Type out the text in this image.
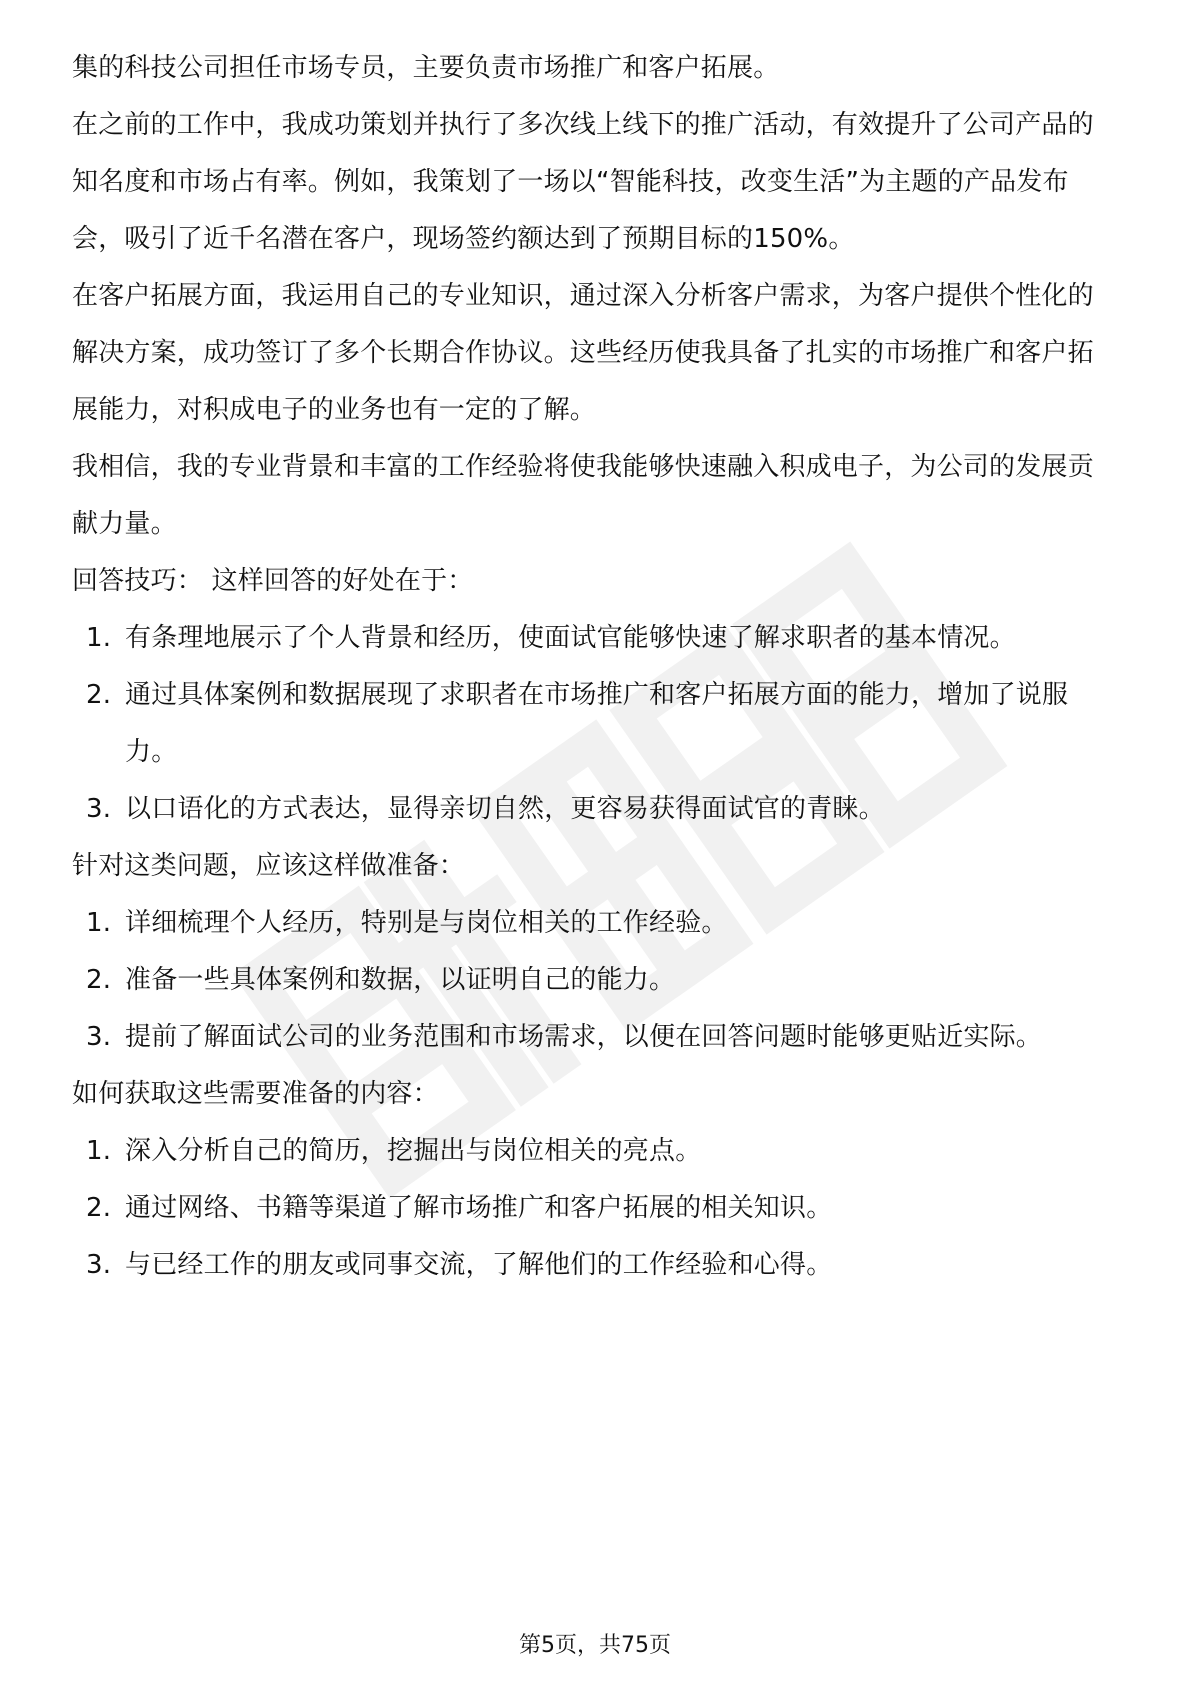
集的科技公司担任市场专员，主要负责市场推广和客户拓展。

在之前的工作中，我成功策划并执行了多次线上线下的推广活动，有效提升了公司产品的知名度和市场占有率。例如，我策划了一场以“智能科技，改变生活”为主题的产品发布会，吸引了近千名潜在客户，现场签约额达到了预期目标的150%。

在客户拓展方面，我运用自己的专业知识，通过深入分析客户需求，为客户提供个性化的解决方案，成功签订了多个长期合作协议。这些经历使我具备了扎实的市场推广和客户拓展能力，对积成电子的业务也有一定的了解。

我相信，我的专业背景和丰富的工作经验将使我能够快速融入积成电子，为公司的发展贡献力量。

回答技巧： 这样回答的好处在于：

1. 有条理地展示了个人背景和经历，使面试官能够快速了解求职者的基本情况。
2. 通过具体案例和数据展现了求职者在市场推广和客户拓展方面的能力，增加了说服力。
3. 以口语化的方式表达，显得亲切自然，更容易获得面试官的青睐。

针对这类问题，应该这样做准备：

1. 详细梳理个人经历，特别是与岗位相关的工作经验。
2. 准备一些具体案例和数据，以证明自己的能力。
3. 提前了解面试公司的业务范围和市场需求，以便在回答问题时能够更贴近实际。

如何获取这些需要准备的内容：

1. 深入分析自己的简历，挖掘出与岗位相关的亮点。
2. 通过网络、书籍等渠道了解市场推广和客户拓展的相关知识。
3. 与已经工作的朋友或同事交流，了解他们的工作经验和心得。
第5页，共75页
